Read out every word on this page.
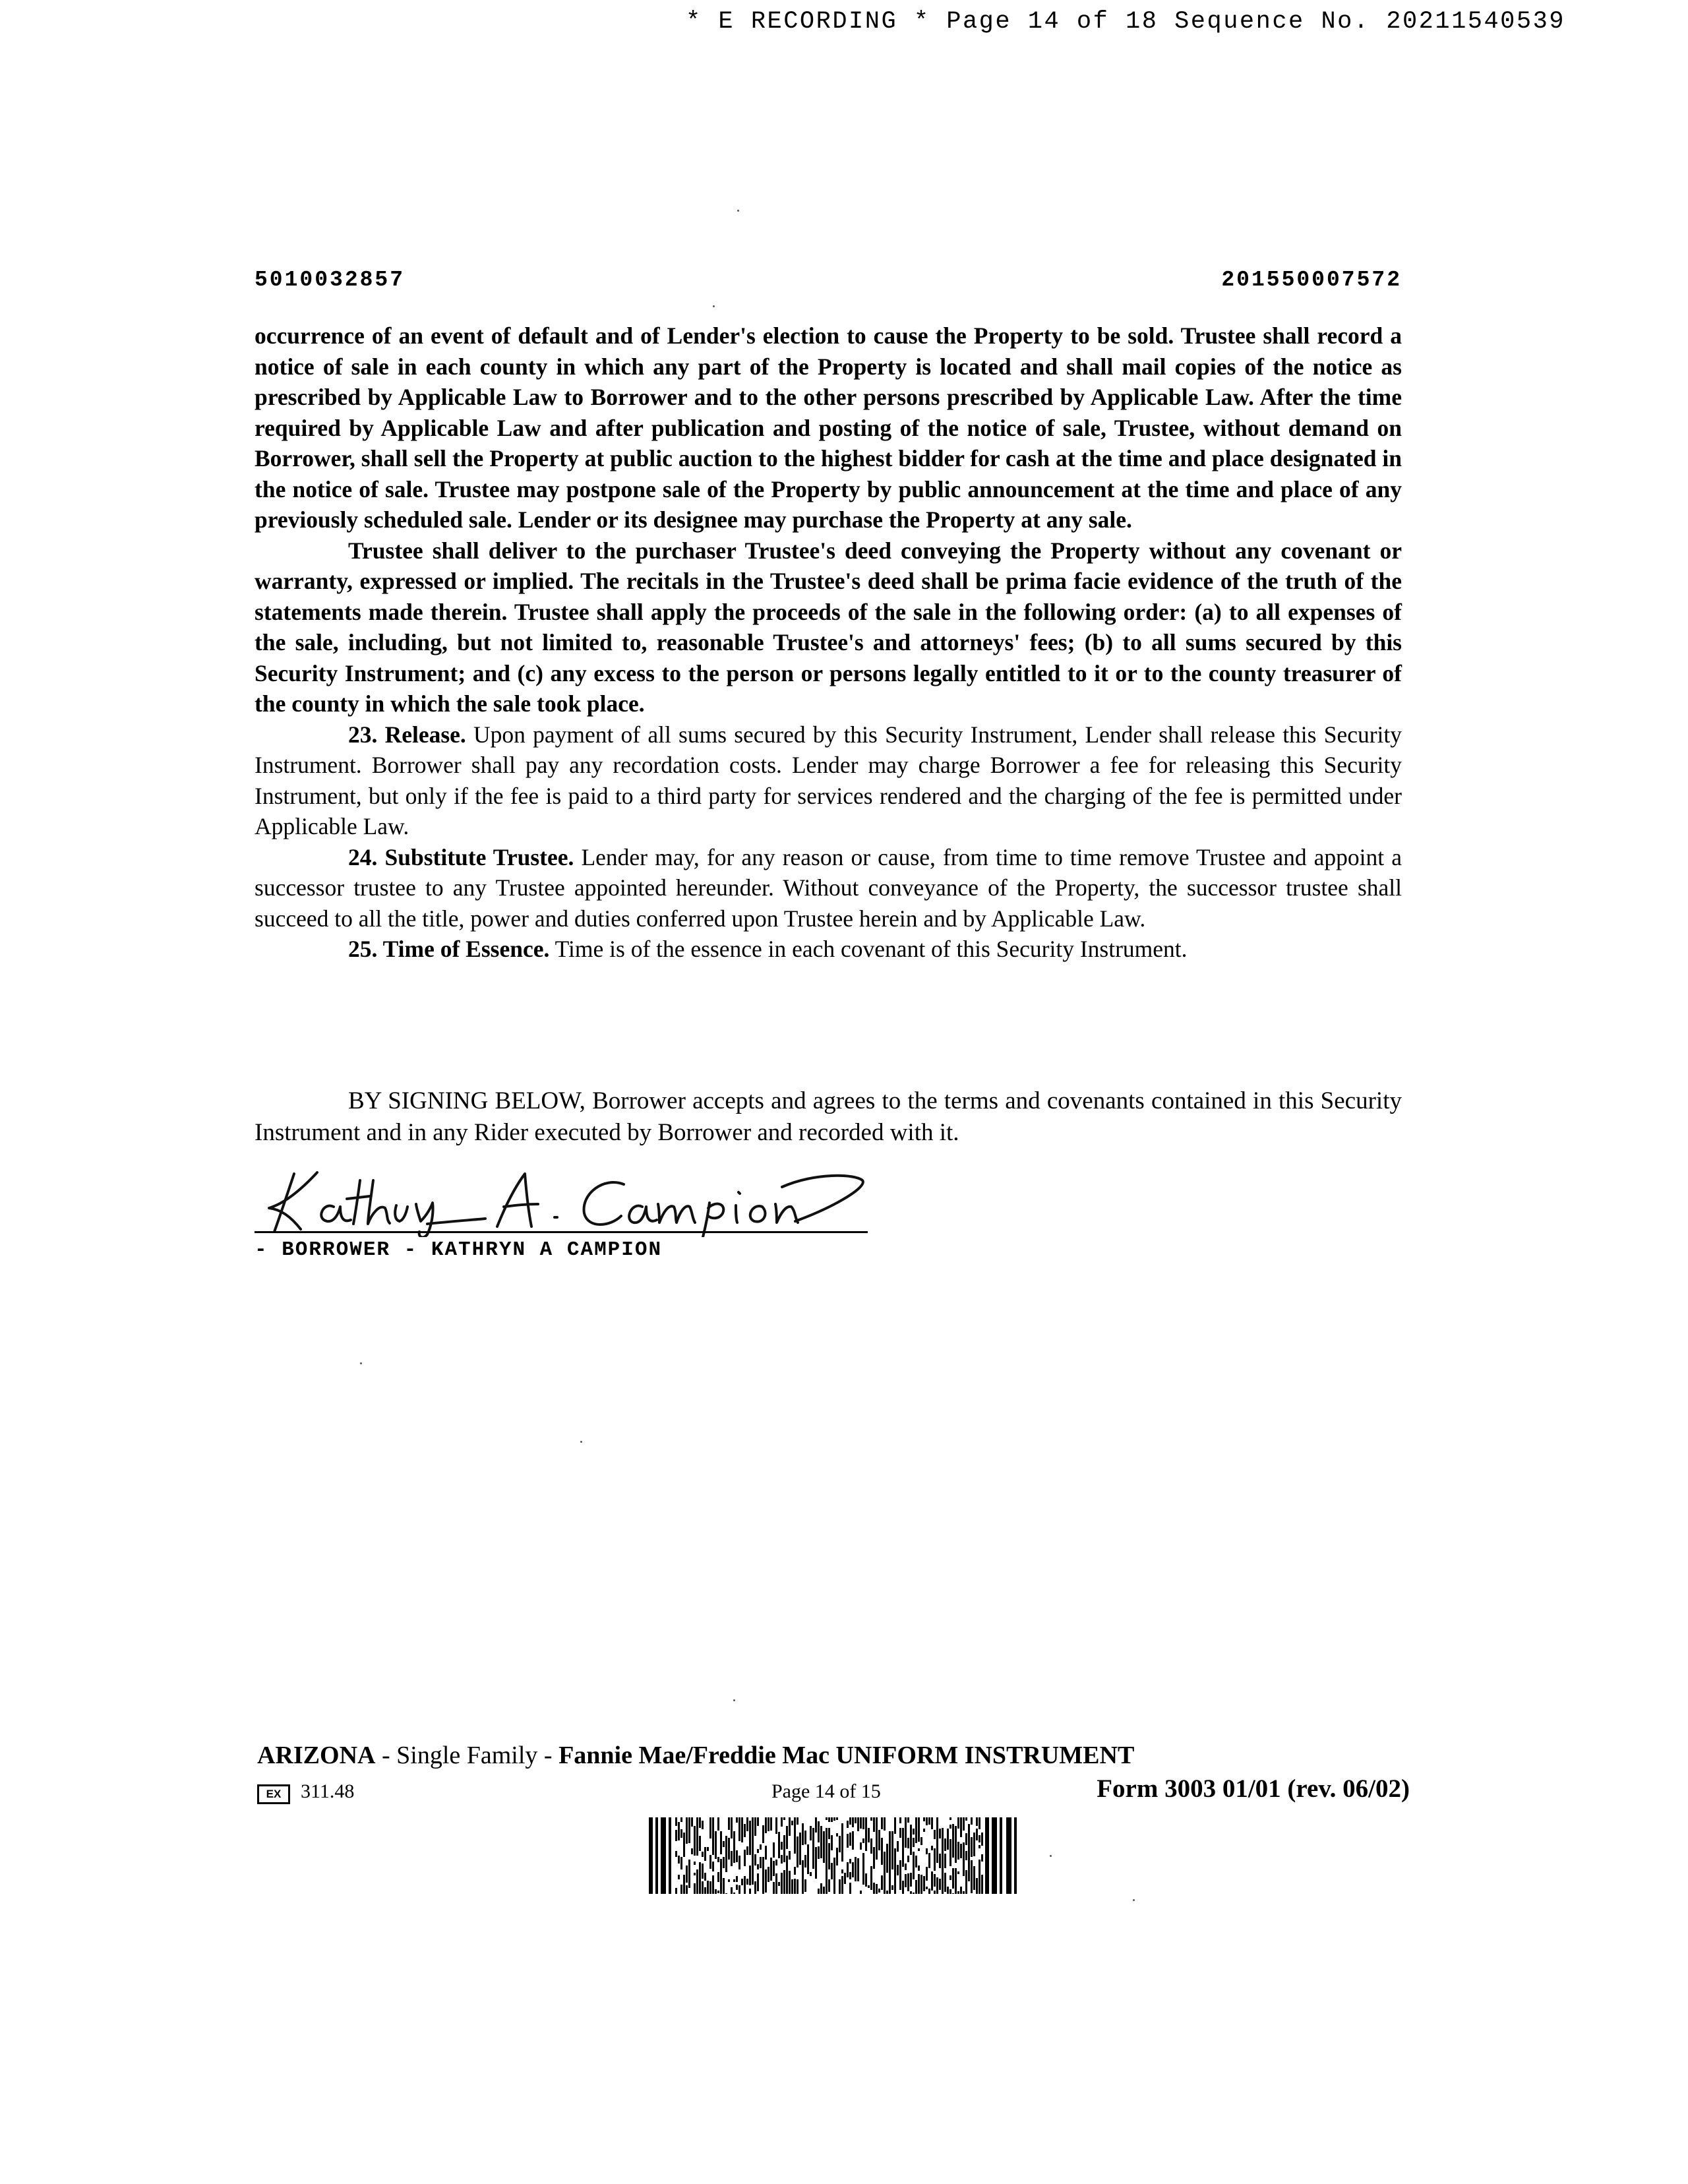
* E RECORDING * Page 14 of 18 Sequence No. 20211540539
5010032857	201550007572

occurrence of an event of default and of Lender's election to cause the Property to be sold. Trustee shall record a notice of sale in each county in which any part of the Property is located and shall mail copies of the notice as prescribed by Applicable Law to Borrower and to the other persons prescribed by Applicable Law. After the time required by Applicable Law and after publication and posting of the notice of sale, Trustee, without demand on Borrower, shall sell the Property at public auction to the highest bidder for cash at the time and place designated in the notice of sale. Trustee may postpone sale of the Property by public announcement at the time and place of any previously scheduled sale. Lender or its designee may purchase the Property at any sale.

Trustee shall deliver to the purchaser Trustee's deed conveying the Property without any covenant or warranty, expressed or implied. The recitals in the Trustee's deed shall be prima facie evidence of the truth of the statements made therein. Trustee shall apply the proceeds of the sale in the following order: (a) to all expenses of the sale, including, but not limited to, reasonable Trustee's and attorneys' fees; (b) to all sums secured by this Security Instrument; and (c) any excess to the person or persons legally entitled to it or to the county treasurer of the county in which the sale took place.

23. Release. Upon payment of all sums secured by this Security Instrument, Lender shall release this Security Instrument. Borrower shall pay any recordation costs. Lender may charge Borrower a fee for releasing this Security Instrument, but only if the fee is paid to a third party for services rendered and the charging of the fee is permitted under Applicable Law.

24. Substitute Trustee. Lender may, for any reason or cause, from time to time remove Trustee and appoint a successor trustee to any Trustee appointed hereunder. Without conveyance of the Property, the successor trustee shall succeed to all the title, power and duties conferred upon Trustee herein and by Applicable Law.

25. Time of Essence. Time is of the essence in each covenant of this Security Instrument.

BY SIGNING BELOW, Borrower accepts and agrees to the terms and covenants contained in this Security Instrument and in any Rider executed by Borrower and recorded with it.

- BORROWER - KATHRYN A CAMPION
ARIZONA - Single Family - Fannie Mae/Freddie Mac UNIFORM INSTRUMENT
EX 311.48	Page 14 of 15	Form 3003 01/01 (rev. 06/02)
